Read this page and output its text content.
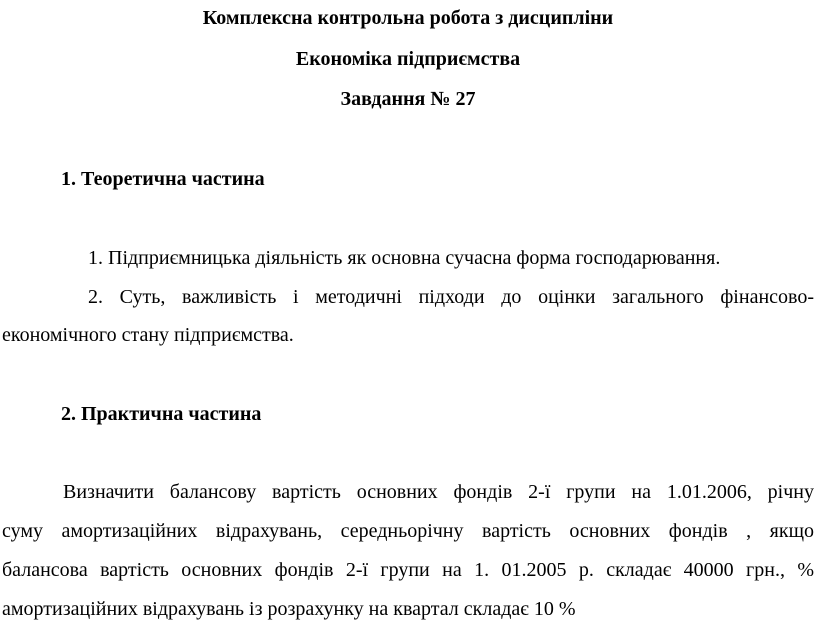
Комплексна контрольна робота з дисципліни
Економіка підприємства
Завдання № 27
1. Теоретична частина
1. Підприємницька діяльність як основна сучасна форма господарювання.
2. Суть, важливість і методичні підходи до оцінки загального фінансово-
економічного стану підприємства.
2. Практична частина
Визначити балансову вартість основних фондів 2-ї групи на 1.01.2006, річну
суму амортизаційних відрахувань, середньорічну вартість основних фондів , якщо
балансова вартість основних фондів 2-ї групи на 1. 01.2005 р. складає 40000 грн., %
амортизаційних відрахувань із розрахунку на квартал складає 10 %
